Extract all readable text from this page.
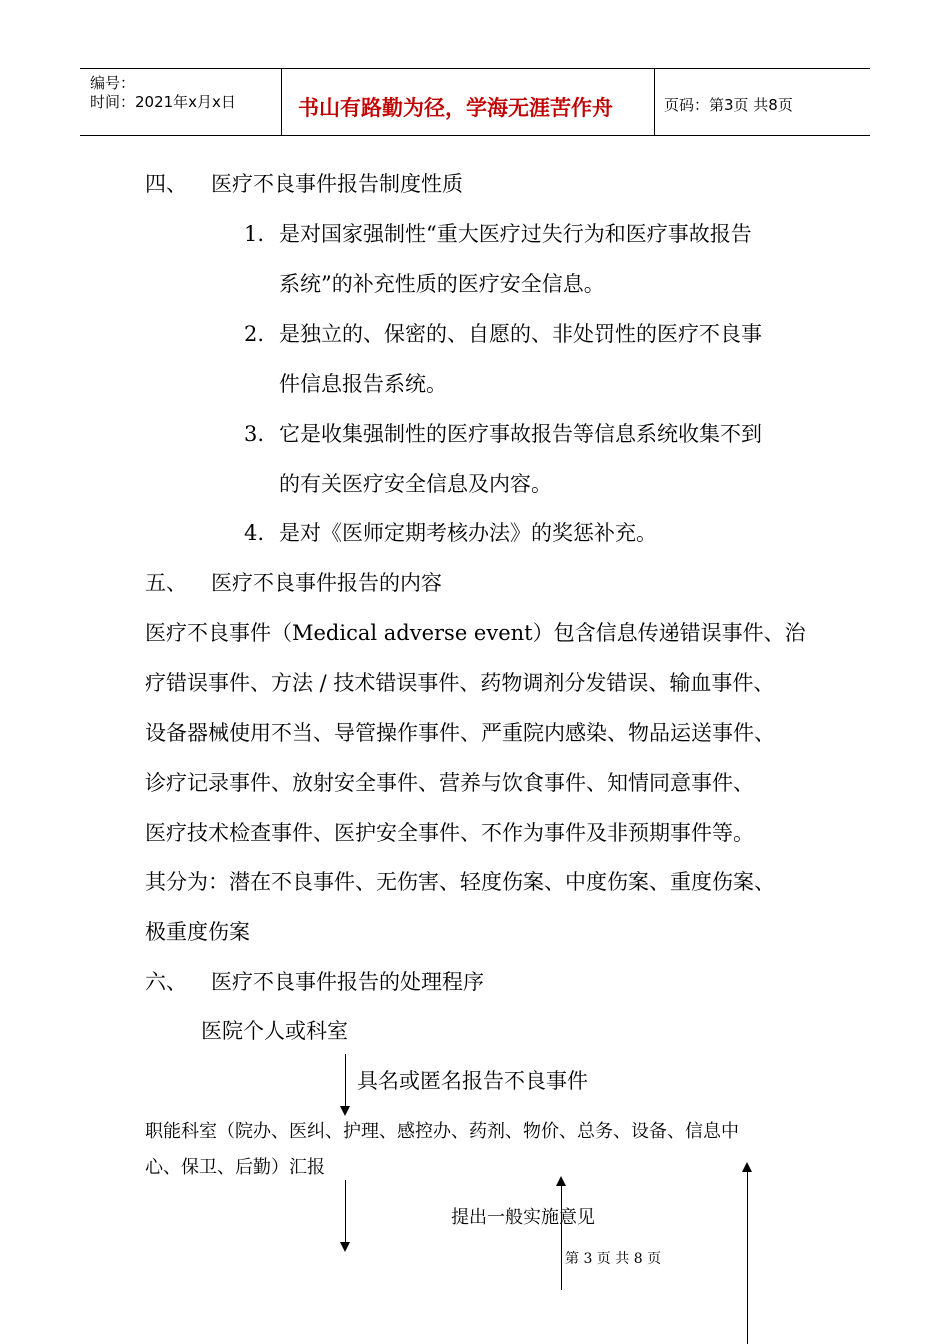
编号：
时间：2021年x月x日	书山有路勤为径，学海无涯苦作舟	页码：第3页 共8页
四、 医疗不良事件报告制度性质
1. 是对国家强制性“重大医疗过失行为和医疗事故报告
系统”的补充性质的医疗安全信息。
2. 是独立的、保密的、自愿的、非处罚性的医疗不良事
件信息报告系统。
3. 它是收集强制性的医疗事故报告等信息系统收集不到
的有关医疗安全信息及内容。
4. 是对《医师定期考核办法》的奖惩补充。
五、 医疗不良事件报告的内容
医疗不良事件（Medical adverse event）包含信息传递错误事件、治
疗错误事件、方法 / 技术错误事件、药物调剂分发错误、输血事件、
设备器械使用不当、导管操作事件、严重院内感染、物品运送事件、
诊疗记录事件、放射安全事件、营养与饮食事件、知情同意事件、
医疗技术检查事件、医护安全事件、不作为事件及非预期事件等。
其分为：潜在不良事件、无伤害、轻度伤案、中度伤案、重度伤案、
极重度伤案
六、 医疗不良事件报告的处理程序
医院个人或科室
具名或匿名报告不良事件
职能科室（院办、医纠、护理、感控办、药剂、物价、总务、设备、信息中
心、保卫、后勤）汇报
提出一般实施意见
第 3 页 共 8 页
